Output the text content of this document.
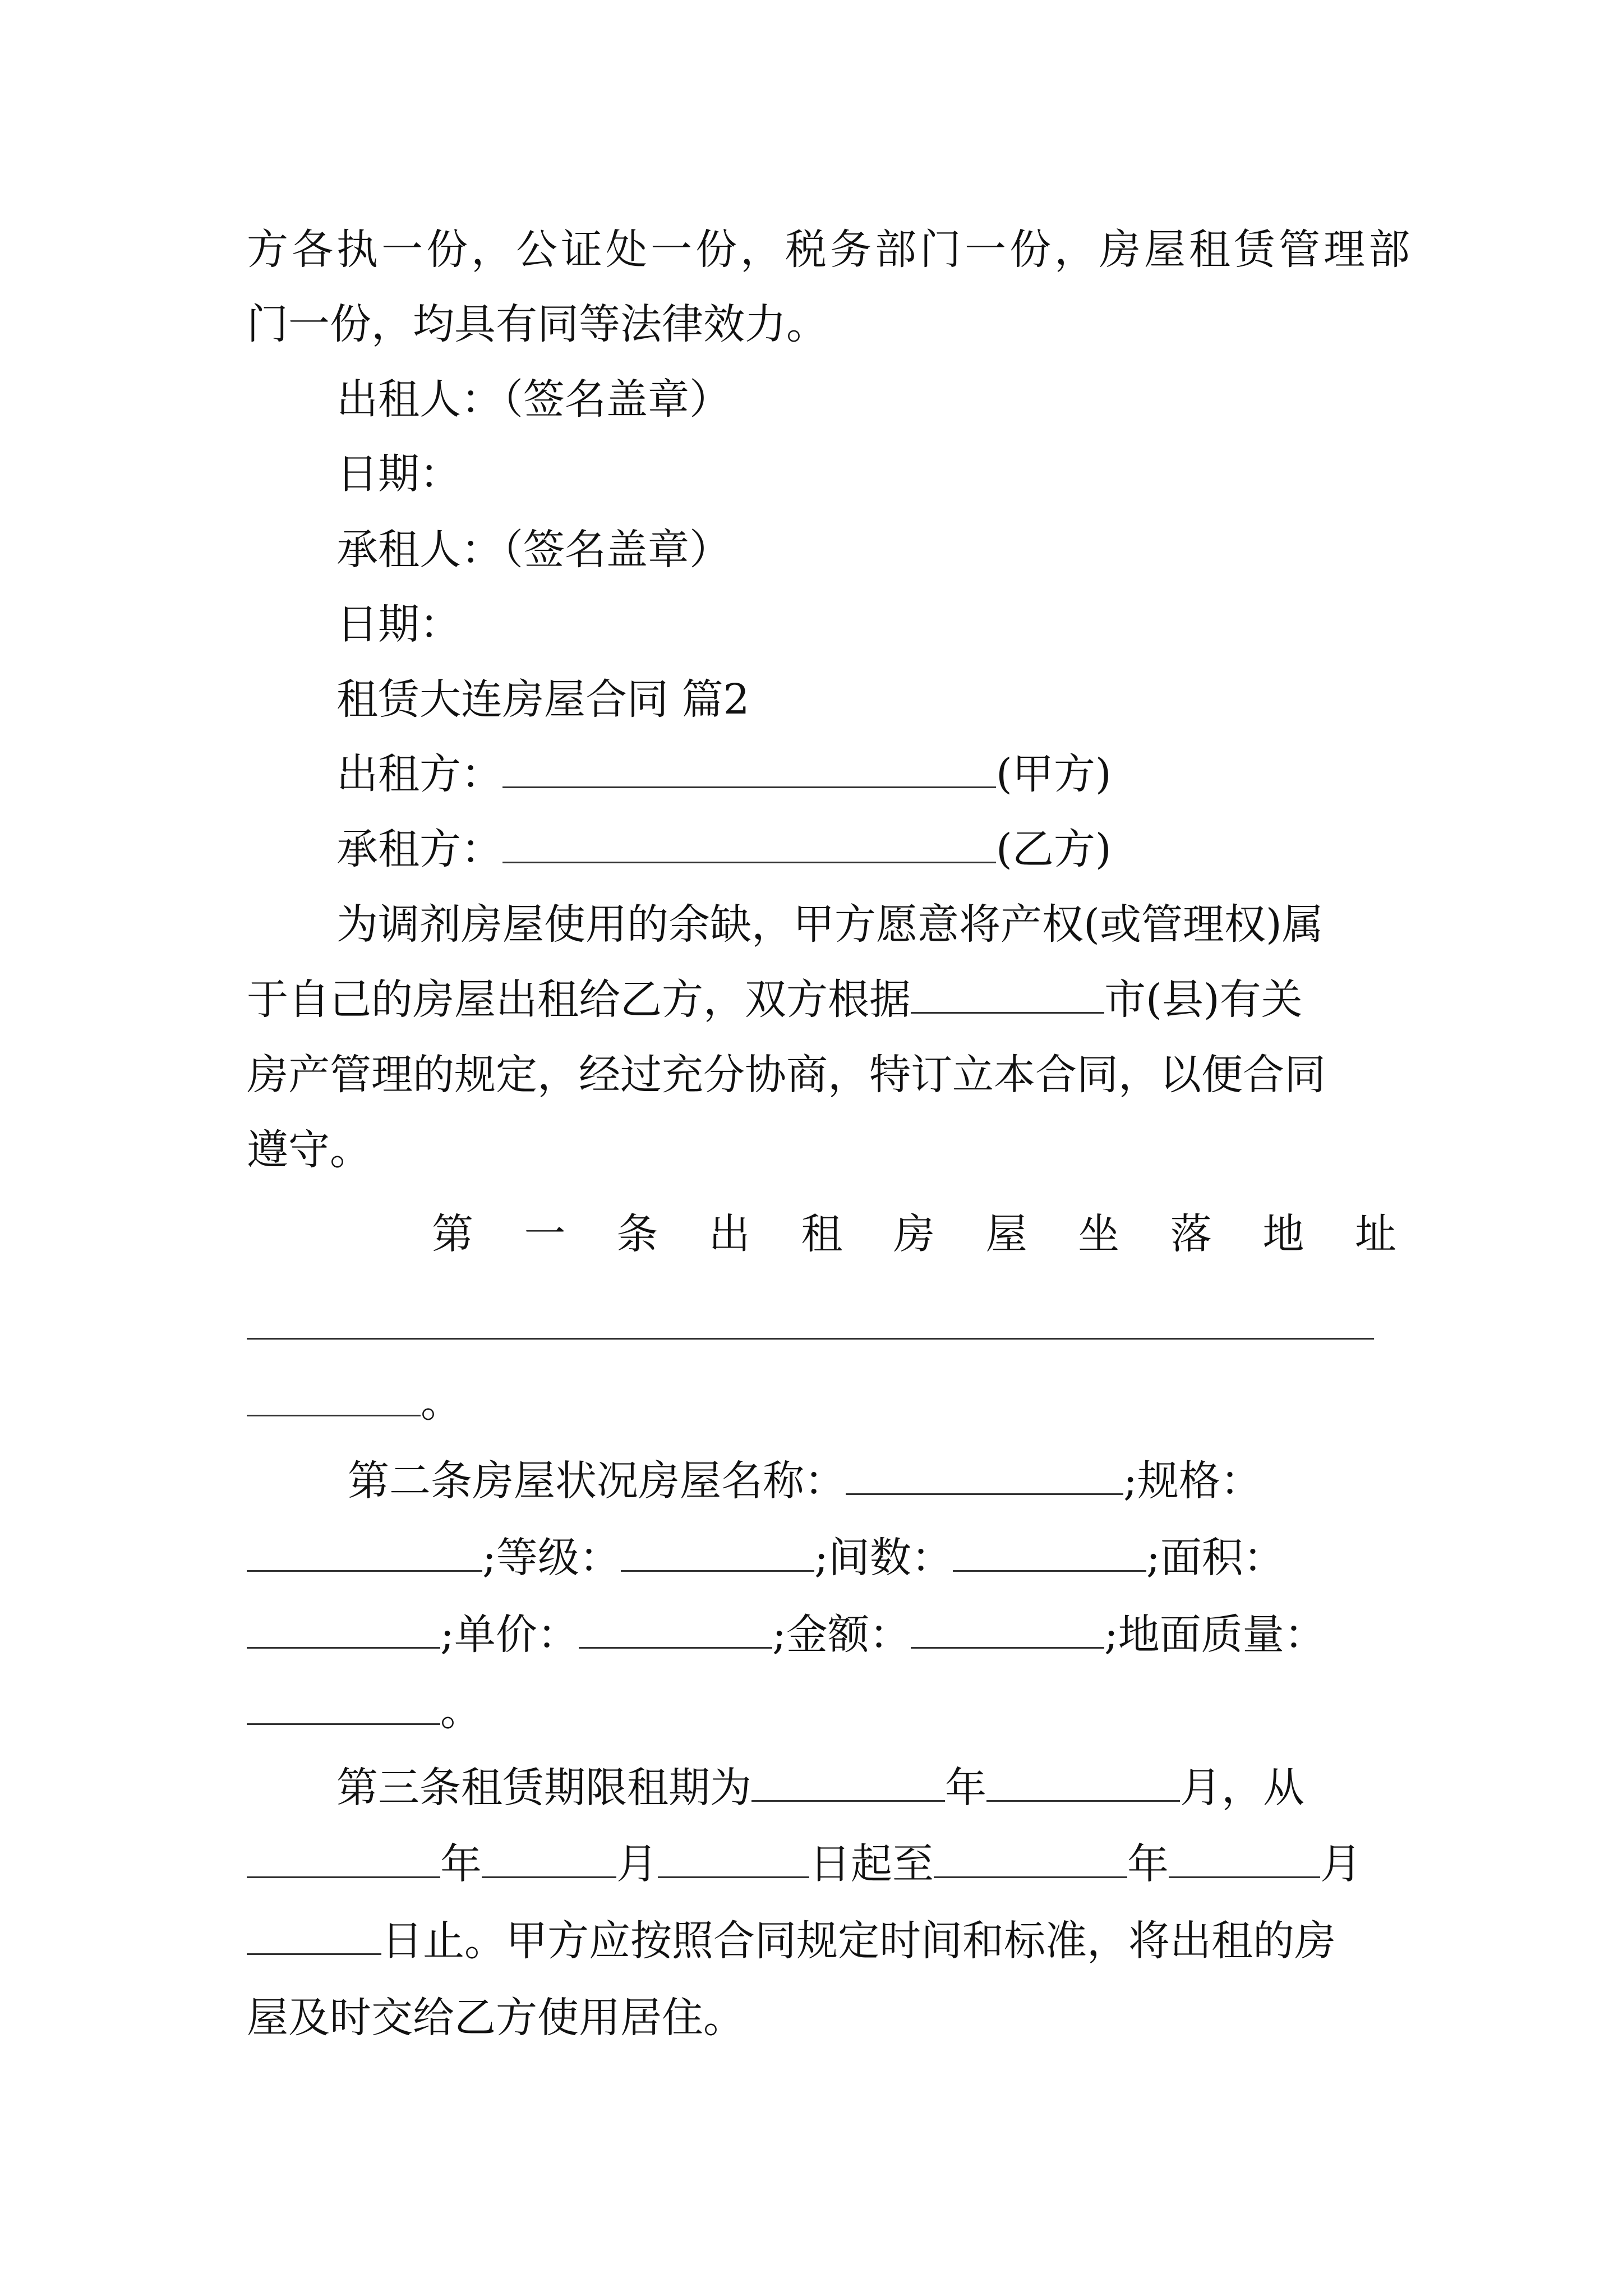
方各执一份，公证处一份，税务部门一份，房屋租赁管理部
门一份，均具有同等法律效力。
出租人：（签名盖章）
日期：
承租人：（签名盖章）
日期：
租赁大连房屋合同 篇2
出租方：	(甲方)
承租方：	(乙方)
为调剂房屋使用的余缺，甲方愿意将产权(或管理权)属
于自己的房屋出租给乙方，双方根据	市(县)有关
房产管理的规定，经过充分协商，特订立本合同，以便合同
遵守。
第 一 条 出 租 房 屋 坐 落 地 址
。
第二条房屋状况房屋名称：	;规格：
;等级：	;间数：	;面积：
;单价：	;金额：	;地面质量：
。
第三条租赁期限租期为	年	月，从
年	月	日起至	年	月
日止。甲方应按照合同规定时间和标准，将出租的房
屋及时交给乙方使用居住。
